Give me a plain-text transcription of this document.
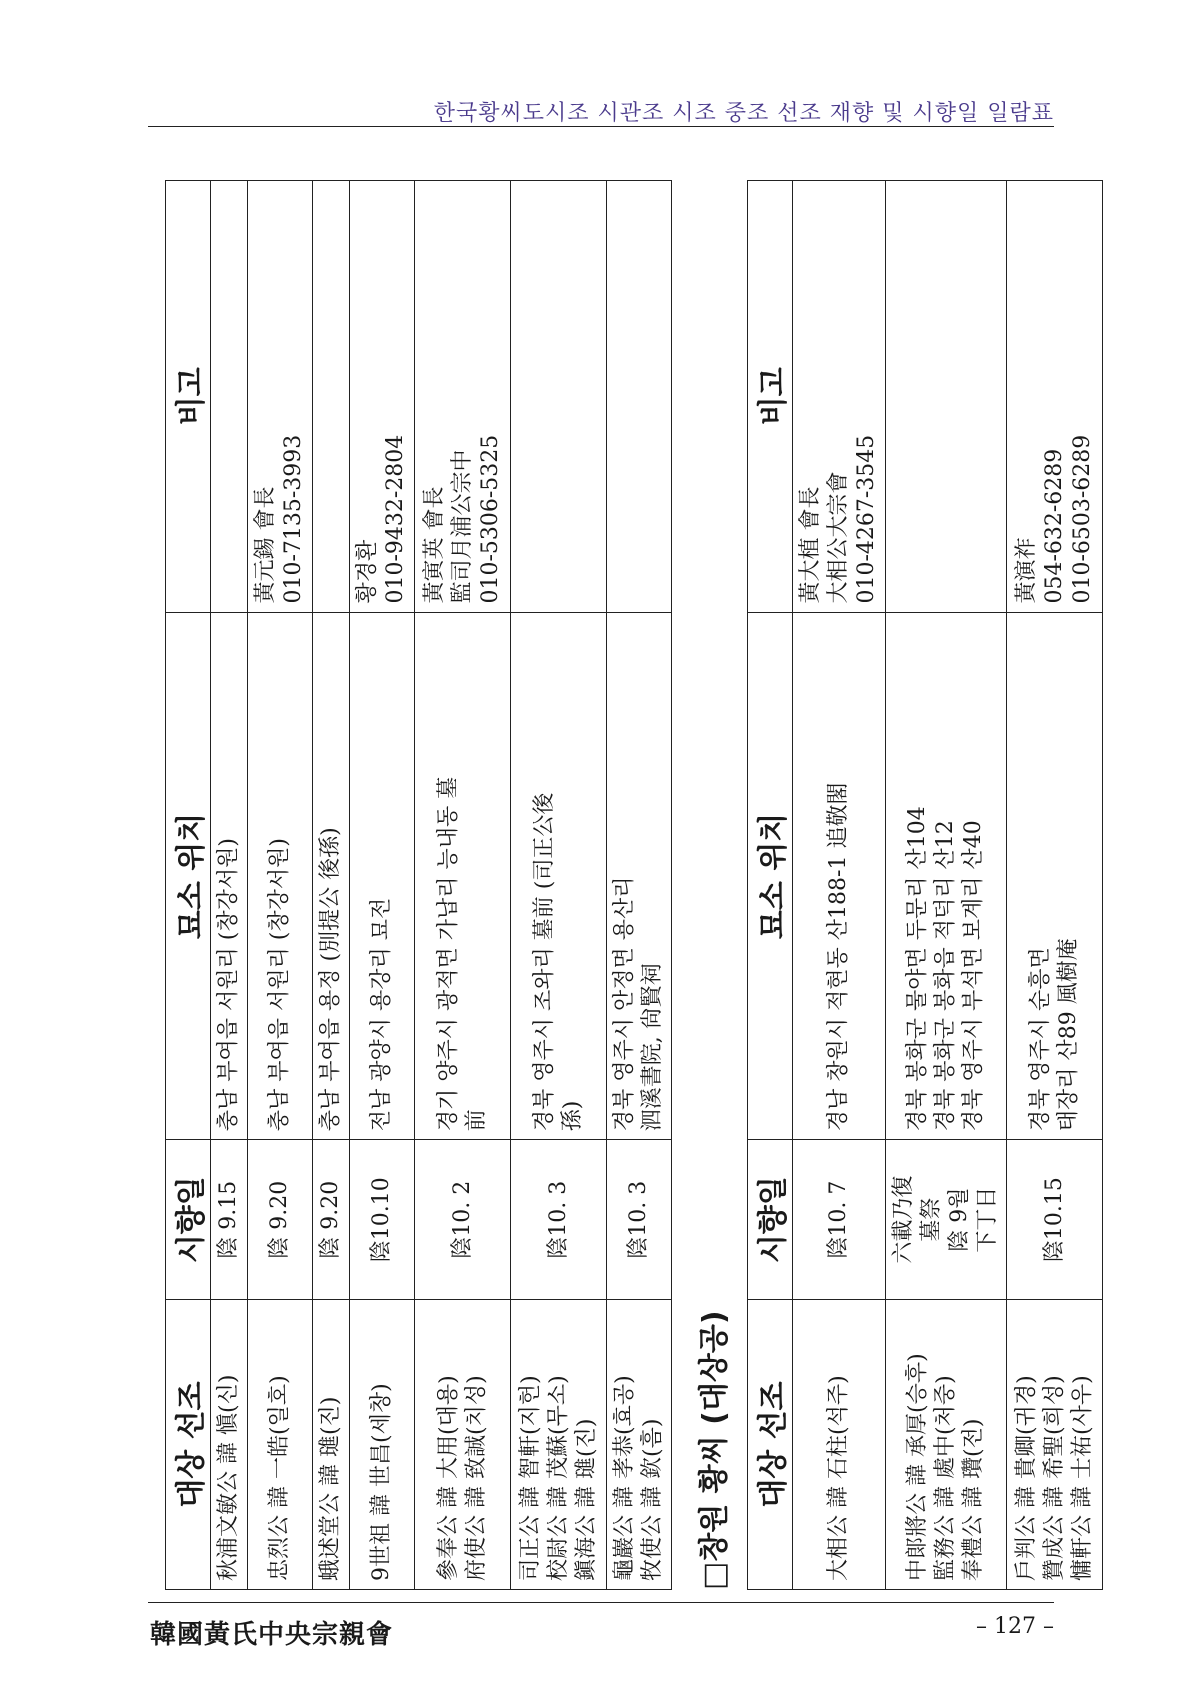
한국황씨도시조 시관조 시조 중조 선조 재향 및 시향일 일람표
대상 선조	시향일	묘소 위치	비고

秋浦文敏公 諱 愼(신)	陰 9.15	충남 부여읍 서원리 (창강서원)	

忠烈公 諱 一皓(일호)	陰 9.20	충남 부여읍 서원리 (창강서원)	黃元錫 會長 010-7135-3993

蛾述堂公 諱 璡(진)	陰 9.20	충남 부여읍 용정 (別提公 後孫)	

9世祖 諱 世昌(세창)	陰10.10	전남 광양시 용강리 묘전	황경환 010-9432-2804

參奉公 諱 大用(대용) 府使公 諱 致誠(치성)	陰10. 2	경기 양주시 광적면 가납리 능내동 墓 前	黃寅英 會長 監司月浦公宗中 010-5306-5325

司正公 諱 智軒(지헌) 校尉公 諱 茂蘇(무소) 鎭海公 諱 璡(진)	陰10. 3	경북 영주시 조와리 墓前 (司正公後 孫)	

龜巖公 諱 孝恭(효공) 牧使公 諱 欽(흠)	陰10. 3	경북 영주시 안정면 용산리 泗溪書院, 尙賢祠	

□창원 황씨 (대상공) 대상 선조	시향일	묘소 위치	비고

大相公 諱 石柱(석주)	陰10. 7	경남 창원시 적현동 산188-1 追敬閣	黃大植 會長 大相公大宗會 010-4267-3545

中郞將公 諱 承厚(승후) 監務公 諱 處中(처중) 奉禮公 諱 瓚(전)	六載乃復 墓祭 陰 9월 下丁日	경북 봉화군 물야면 두문리 산104 경북 봉화군 봉화읍 적덕리 산12 경북 영주시 부석면 보계리 산40	

戶判公 諱 貴卿(귀경) 贊成公 諱 希聖(희성) 慵軒公 諱 士祐(사우)	陰10.15	경북 영주시 순흥면 태장리 산89 風樹庵	黃演祚 054-632-6289 010-6503-6289
韓國黃氏中央宗親會	– 127 –
